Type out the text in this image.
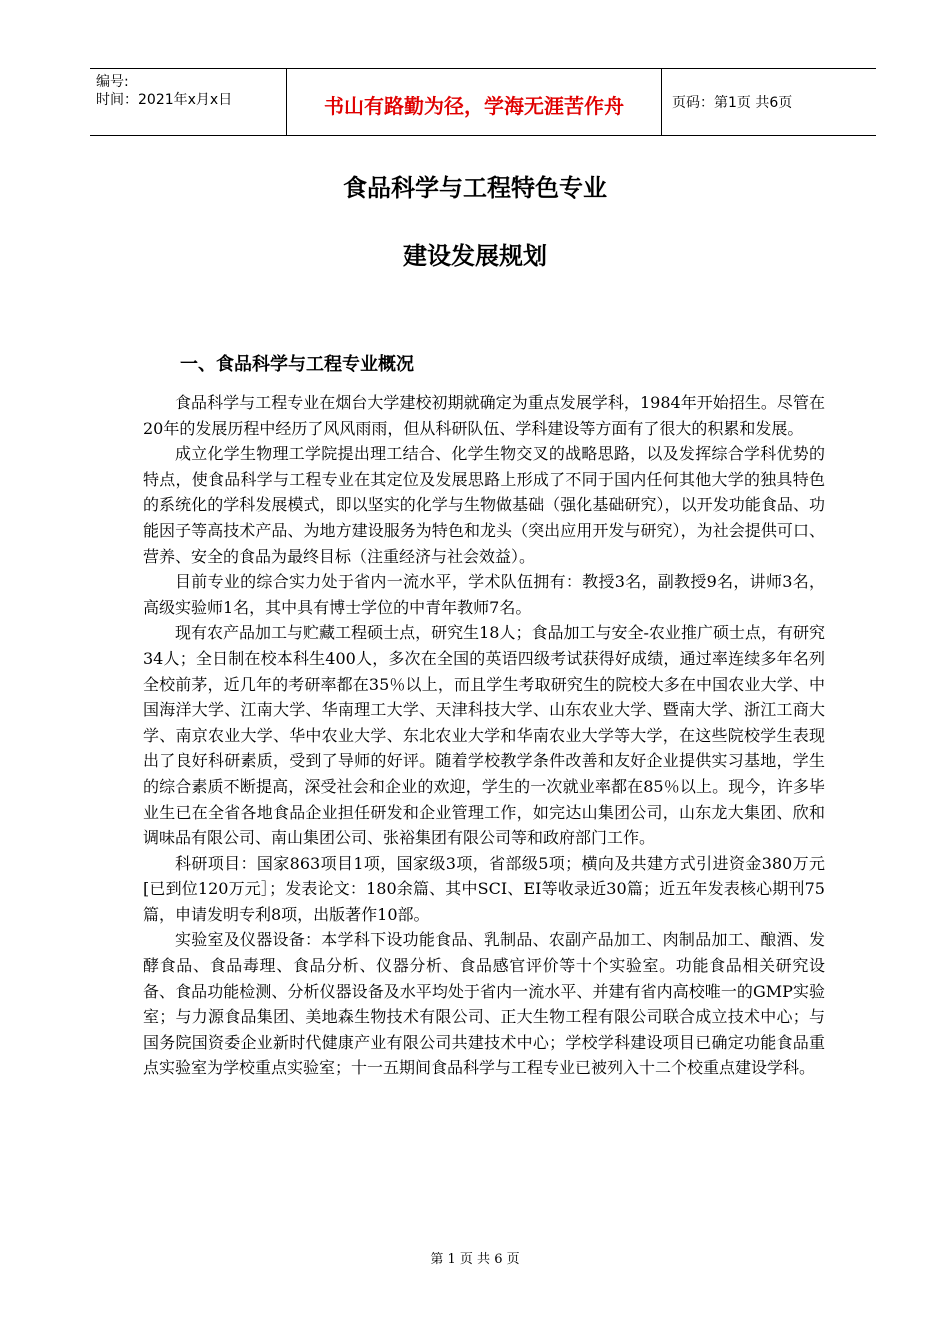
编号:
时间：2021年x月x日	书山有路勤为径，学海无涯苦作舟	页码：第1页 共6页
食品科学与工程特色专业
建设发展规划
一、食品科学与工程专业概况

食品科学与工程专业在烟台大学建校初期就确定为重点发展学科，1984年开始招生。尽管在20年的发展历程中经历了风风雨雨，但从科研队伍、学科建设等方面有了很大的积累和发展。

成立化学生物理工学院提出理工结合、化学生物交叉的战略思路，以及发挥综合学科优势的特点，使食品科学与工程专业在其定位及发展思路上形成了不同于国内任何其他大学的独具特色的系统化的学科发展模式，即以坚实的化学与生物做基础（强化基础研究），以开发功能食品、功能因子等高技术产品、为地方建设服务为特色和龙头（突出应用开发与研究），为社会提供可口、营养、安全的食品为最终目标（注重经济与社会效益）。

目前专业的综合实力处于省内一流水平，学术队伍拥有：教授3名，副教授9名，讲师3名，高级实验师1名，其中具有博士学位的中青年教师7名。

现有农产品加工与贮藏工程硕士点，研究生18人；食品加工与安全-农业推广硕士点，有研究34人；全日制在校本科生400人，多次在全国的英语四级考试获得好成绩，通过率连续多年名列全校前茅，近几年的考研率都在35％以上，而且学生考取研究生的院校大多在中国农业大学、中国海洋大学、江南大学、华南理工大学、天津科技大学、山东农业大学、暨南大学、浙江工商大学、南京农业大学、华中农业大学、东北农业大学和华南农业大学等大学，在这些院校学生表现出了良好科研素质，受到了导师的好评。随着学校教学条件改善和友好企业提供实习基地，学生的综合素质不断提高，深受社会和企业的欢迎，学生的一次就业率都在85％以上。现今，许多毕业生已在全省各地食品企业担任研发和企业管理工作，如完达山集团公司，山东龙大集团、欣和调味品有限公司、南山集团公司、张裕集团有限公司等和政府部门工作。

科研项目：国家863项目1项，国家级3项，省部级5项；横向及共建方式引进资金380万元[已到位120万元］；发表论文：180余篇、其中SCI、EI等收录近30篇；近五年发表核心期刊75篇，申请发明专利8项，出版著作10部。

实验室及仪器设备：本学科下设功能食品、乳制品、农副产品加工、肉制品加工、酿酒、发酵食品、食品毒理、食品分析、仪器分析、食品感官评价等十个实验室。功能食品相关研究设备、食品功能检测、分析仪器设备及水平均处于省内一流水平、并建有省内高校唯一的GMP实验室；与力源食品集团、美地森生物技术有限公司、正大生物工程有限公司联合成立技术中心；与国务院国资委企业新时代健康产业有限公司共建技术中心；学校学科建设项目已确定功能食品重点实验室为学校重点实验室；十一五期间食品科学与工程专业已被列入十二个校重点建设学科。

第 1 页 共 6 页
